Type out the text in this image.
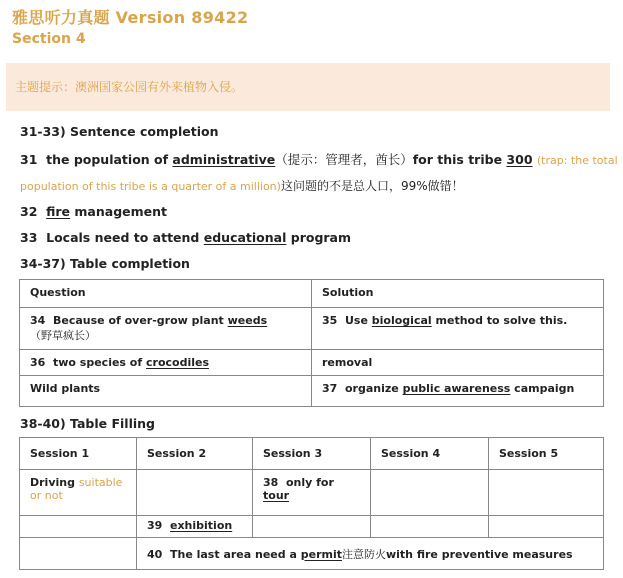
雅思听力真题 Version 89422
Section 4
主题提示：澳洲国家公园有外来植物入侵。
31-33) Sentence completion
31 the population of administrative（提示：管理者，酋长）for this tribe 300 (trap: the total
population of this tribe is a quarter of a million)这问题的不是总人口，99%做错！
32 fire management
33 Locals need to attend educational program
34-37) Table completion
Question	Solution
34 Because of over-grow plant weeds
（野草疯长）	35 Use biological method to solve this.
36 two species of crocodiles	removal
Wild plants	37 organize public awareness campaign
38-40) Table Filling
Session 1	Session 2	Session 3	Session 4	Session 5
Driving suitable or not		38 only for tour		
	39 exhibition			
	40 The last area need a permit注意防火with fire preventive measures			
